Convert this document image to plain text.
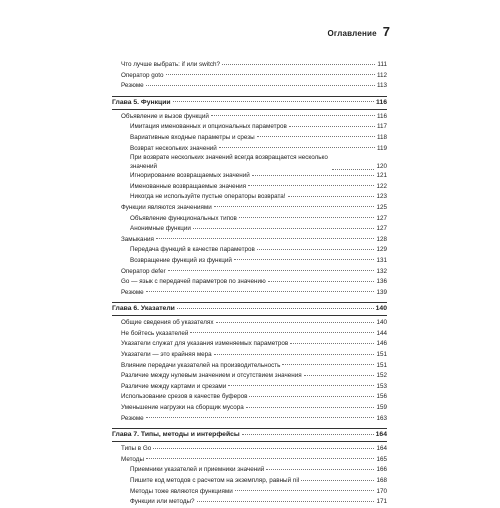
Оглавление 7
Что лучше выбрать: if или switch?	111
Оператор goto	112
Резюме	113
Глава 5. Функции	116
Объявление и вызов функций	116
Имитация именованных и опциональных параметров	117
Вариативные входные параметры и срезы	118
Возврат нескольких значений	119
При возврате нескольких значений всегда возвращается несколько значений	120
Игнорирование возвращаемых значений	121
Именованные возвращаемые значения	122
Никогда не используйте пустые операторы возврата!	123
Функции являются значениями	125
Объявление функциональных типов	127
Анонимные функции	127
Замыкания	128
Передача функций в качестве параметров	129
Возвращение функций из функций	131
Оператор defer	132
Go — язык с передачей параметров по значению	136
Резюме	139
Глава 6. Указатели	140
Общие сведения об указателях	140
Не бойтесь указателей	144
Указатели служат для указания изменяемых параметров	146
Указатели — это крайняя мера	151
Влияние передачи указателей на производительность	151
Различие между нулевым значением и отсутствием значения	152
Различие между картами и срезами	153
Использование срезов в качестве буферов	156
Уменьшение нагрузки на сборщик мусора	159
Резюме	163
Глава 7. Типы, методы и интерфейсы	164
Типы в Go	164
Методы	165
Приемники указателей и приемники значений	166
Пишите код методов с расчетом на экземпляр, равный nil	168
Методы тоже являются функциями	170
Функции или методы?	171
